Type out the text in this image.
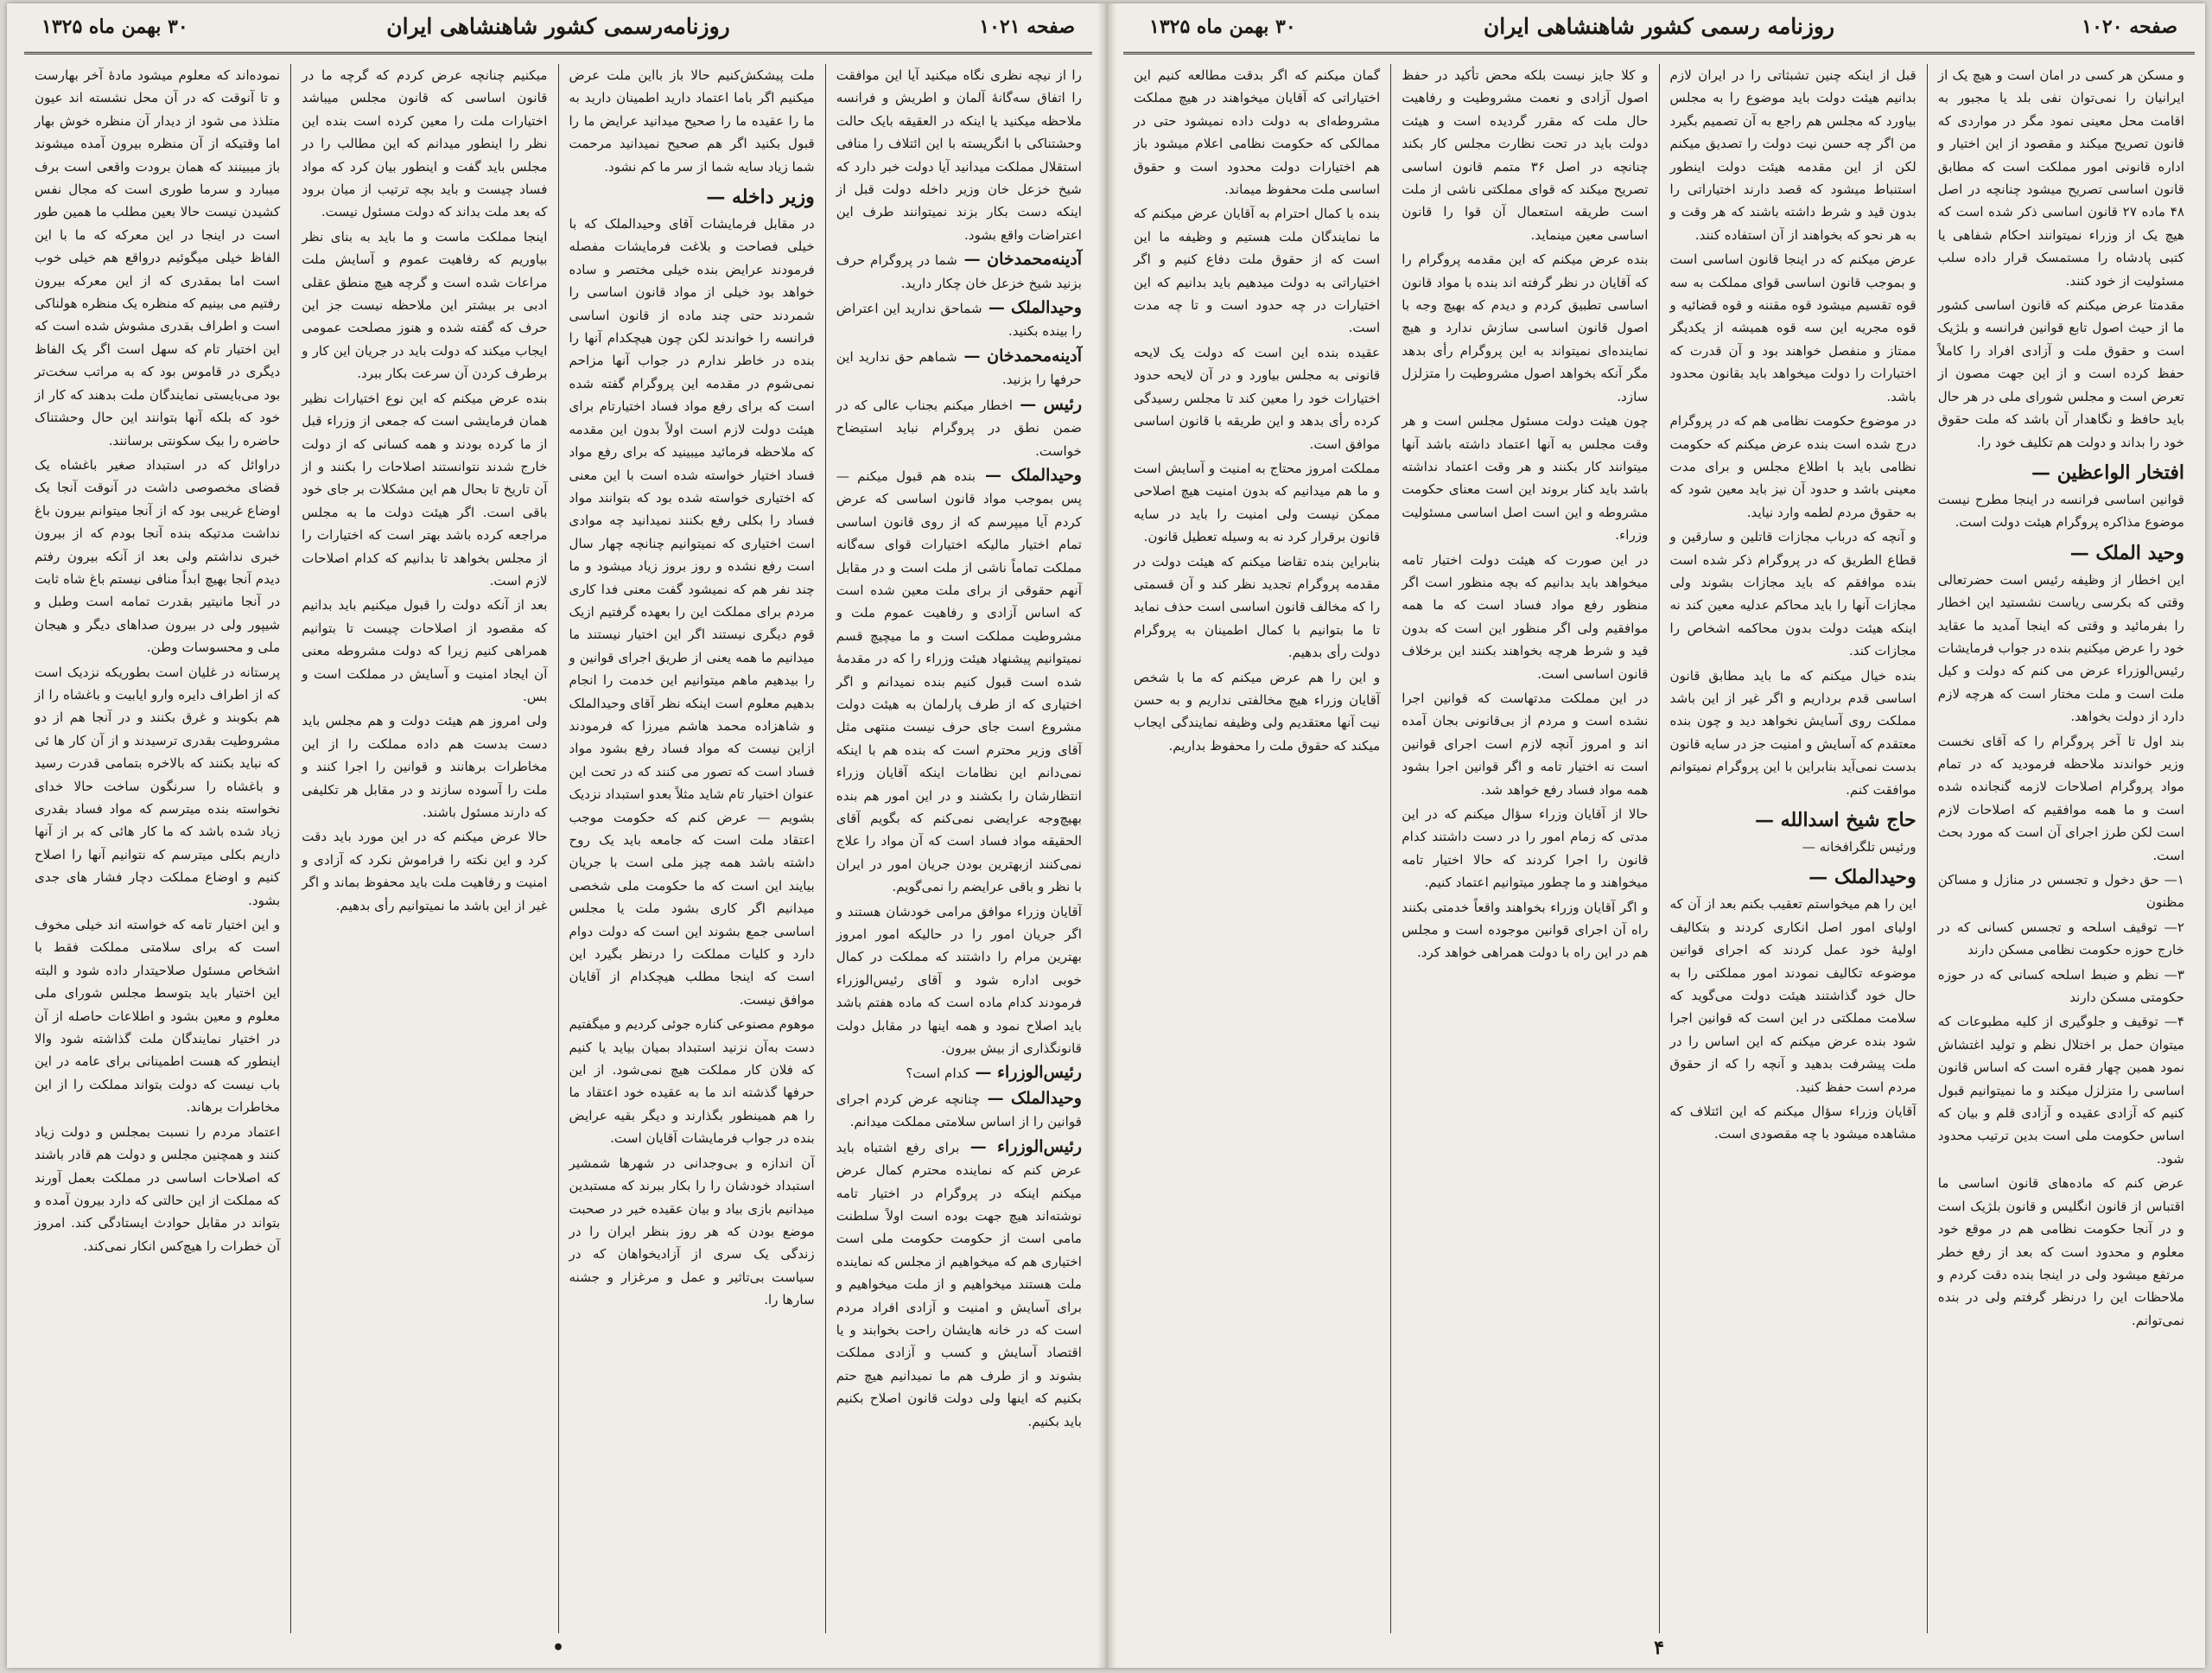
صفحه ۱۰۲۱
روزنامه‌رسمی کشور شاهنشاهی ایران
۳۰ بهمن ماه ۱۳۲۵

را از نیچه نظری نگاه میکنید آیا این موافقت را اتفاق سه‌گانهٔ آلمان و اطریش و فرانسه ملاحظه میکنید یا اینکه در العقیقه بایک حالت وحشتناکی با انگریسته با این ائتلاف را منافی استقلال مملکت میدانید آیا دولت خبر دارد که شیخ خزعل خان وزیر داخله دولت قبل از اینکه دست بکار بزند نمیتوانند طرف این اعتراضات واقع بشود.

آدینه‌محمدخان — شما در پروگرام حرف بزنید شیخ خزعل خان چکار دارید.

وحیدالملک — شماحق ندارید این اعتراض را بینده بکنید.

آدینه‌محمدخان — شماهم حق ندارید این حرفها را بزنید.

رئیس — اخطار میکنم بجناب عالی که در ضمن نطق در پروگرام نباید استیضاح خواست.

وحیدالملک — بنده هم قبول میکنم — پس بموجب مواد قانون اساسی که عرض کردم آیا میپرسم که از روی قانون اساسی تمام اختیار مالیکه اختیارات قوای سه‌گانه مملکت تماماً ناشی از ملت است و در مقابل آنهم حقوقی از برای ملت معین شده است که اساس آزادی و رفاهیت عموم ملت و مشروطیت مملکت است و ما میچیچ قسم نمیتوانیم پیشنهاد هیئت وزراء را که در مقدمهٔ شده است قبول کنیم بنده نمیدانم و اگر اختیاری که از طرف پارلمان به هیئت دولت مشروع است جای حرف نیست منتهی مثل آقای وزیر محترم است که بنده هم با اینکه نمی‌دانم این نظامات اینکه آقایان وزراء انتظارشان را بکشند و در این امور هم بنده بهیچ‌وجه عرایضی نمی‌کنم که بگویم آقای الحقیقه مواد فساد است که آن مواد را علاج نمی‌کنند ازبهترین بودن جریان امور در ایران با نظر و باقی عرایضم را نمی‌گویم.

آقایان وزراء موافق مرامی خودشان هستند و اگر جریان امور را در حالیکه امور امروز بهترین مرام را داشتند که مملکت در کمال خوبی اداره شود و آقای رئیس‌الوزراء فرمودند کدام ماده است که ماده هفتم باشد باید اصلاح نمود و همه اینها در مقابل دولت قانونگذاری از بیش بیرون.

رئیس‌الوزراء — کدام است؟

وحیدالملک — چنانچه عرض کردم اجرای قوانین را از اساس سلامتی مملکت میدانم.

رئیس‌الوزراء — برای رفع اشتباه باید عرض کنم که نماینده محترم کمال عرض میکنم اینکه در پروگرام در اختیار تامه نوشته‌اند هیچ جهت بوده است اولاً سلطنت مامی است از حکومت حکومت ملی است اختیاری هم که میخواهیم از مجلس که نماینده ملت هستند میخواهیم و از ملت میخواهیم و برای آسایش و امنیت و آزادی افراد مردم است که در خانه هایشان راحت بخوابند و یا اقتصاد آسایش و کسب و آزادی مملکت بشوند و از طرف هم ما نمیدانیم هیچ حتم بکنیم که اینها ولی دولت قانون اصلاح بکنیم باید بکنیم.

ملت پیشکش‌کنیم حالا باز بااین ملت عرض میکنیم اگر باما اعتماد دارید اطمینان دارید به ما را عقیده ما را صحیح میدانید عرایض ما را قبول بکنید اگر هم صحیح نمیدانید مرحمت شما زیاد سایه شما از سر ما کم نشود.

وزیر داخله —

در مقابل فرمایشات آقای وحیدالملک که با خیلی فصاحت و بلاغت فرمایشات مفصله فرمودند عرایض بنده خیلی مختصر و ساده خواهد بود خیلی از مواد قانون اساسی را شمردند حتی چند ماده از قانون اساسی فرانسه را خواندند لکن چون هیچکدام آنها را بنده در خاطر ندارم در جواب آنها مزاحم نمی‌شوم در مقدمه این پروگرام گفته شده است که برای رفع مواد فساد اختیارتام برای هیئت دولت لازم است اولاً بدون این مقدمه که ملاحظه فرمائید میبینید که برای رفع مواد فساد اختیار خواسته شده است با این معنی که اختیاری خواسته شده بود که بتوانند مواد فساد را بکلی رفع بکنند نمیدانید چه موادی است اختیاری که نمیتوانیم چنانچه چهار سال است رفع نشده و روز بروز زیاد میشود و ما چند نفر هم که نمیشود گفت معنی فدا کاری مردم برای مملکت این را بعهده گرفتیم ازیک قوم دیگری نیستند اگر این اختیار نیستند ما میدانیم ما همه یعنی از طریق اجرای قوانین و را بیدهیم ماهم میتوانیم این خدمت را انجام بدهیم معلوم است اینکه نظر آقای وحیدالملک و شاهزاده محمد هاشم میرزا که فرمودند ازاین نیست که مواد فساد رفع بشود مواد فساد است که تصور می کنند که در تحت این عنوان اختیار تام شاید مثلاً بعدو استبداد نزدیک بشویم — عرض کنم که حکومت موجب اعتقاد ملت است که جامعه باید یک روح داشته باشد همه چیز ملی است با جریان بیایند این است که ما حکومت ملی شخصی میدانیم اگر کاری بشود ملت یا مجلس اساسی جمع بشوند این است که دولت دوام دارد و کلیات مملکت را درنظر بگیرد این است که اینجا مطلب هیچکدام از آقایان موافق نیست.

موهوم مصنوعی کناره جوئی کردیم و میگفتیم دست به‌آن نزنید استبداد بمیان بیاید یا کنیم که فلان کار مملکت هیچ نمی‌شود. از این حرفها گذشته اند ما به عقیده خود اعتقاد ما را هم همینطور بگذارند و دیگر بقیه عرایض بنده در جواب فرمایشات آقایان است.

آن اندازه و بی‌وجدانی در شهرها شمشیر استبداد خودشان را را بکار ببرند که مستبدین میدانیم بازی بیاد و بیان عقیده خیر در صحبت موضع بودن که هر روز بنظر ایران را در زندگی یک سری از آزادیخواهان که در سیاست بی‌تاثیر و عمل و مرغزار و جشنه سارها را.

میکنیم چنانچه عرض کردم که گرچه ما در قانون اساسی که قانون مجلس میباشد اختیارات ملت را معین کرده است بنده این نظر را اینطور میدانم که این مطالب را در مجلس باید گفت و اینطور بیان کرد که مواد فساد چیست و باید بچه ترتیب از میان برود که بعد ملت بداند که دولت مسئول نیست.

اینجا مملکت ماست و ما باید به بنای نظر بیاوریم که رفاهیت عموم و آسایش ملت مراعات شده است و گرچه هیچ منطق عقلی ادبی بر بیشتر این ملاحظه نیست جز این حرف که گفته شده و هنوز مصلحت عمومی ایجاب میکند که دولت باید در جریان این کار و برطرف کردن آن سرعت بکار ببرد.

بنده عرض میکنم که این نوع اختیارات نظیر همان فرمایشی است که جمعی از وزراء قبل از ما کرده بودند و همه کسانی که از دولت خارج شدند نتوانستند اصلاحات را بکنند و از آن تاریخ تا بحال هم این مشکلات بر جای خود باقی است. اگر هیئت دولت ما به مجلس مراجعه کرده باشد بهتر است که اختیارات را از مجلس بخواهد تا بدانیم که کدام اصلاحات لازم است.

بعد از آنکه دولت را قبول میکنیم باید بدانیم که مقصود از اصلاحات چیست تا بتوانیم همراهی کنیم زیرا که دولت مشروطه معنی آن ایجاد امنیت و آسایش در مملکت است و بس.

ولی امروز هم هیئت دولت و هم مجلس باید دست بدست هم داده مملکت را از این مخاطرات برهانند و قوانین را اجرا کنند و ملت را آسوده سازند و در مقابل هر تکلیفی که دارند مسئول باشند.

حالا عرض میکنم که در این مورد باید دقت کرد و این نکته را فراموش نکرد که آزادی و امنیت و رفاهیت ملت باید محفوظ بماند و اگر غیر از این باشد ما نمیتوانیم رأی بدهیم.

نموده‌اند که معلوم میشود مادهٔ آخر بهارست و تا آنوقت که در آن محل نشسته اند عیون متلذذ می شود از دیدار آن منظره خوش بهار اما وقتیکه از آن منظره بیرون آمده میشوند باز میبینند که همان برودت واقعی است برف میبارد و سرما طوری است که مجال نفس کشیدن نیست حالا بعین مطلب ما همین طور است در اینجا در این معرکه که ما با این الفاظ خیلی میگوئیم درواقع هم خیلی خوب است اما بمقدری که از این معرکه بیرون رفتیم می بینیم که منظره یک منظره هولناکی است و اطراف بقدری مشوش شده است که این اختیار تام که سهل است اگر یک الفاظ دیگری در قاموس بود که به مراتب سخت‌تر بود می‌بایستی نمایندگان ملت بدهند که کار از خود که بلکه آنها بتوانند این حال وحشتناک حاضره را بیک سکونتی برسانند.

دراوائل که در استبداد صغیر باغشاه یک قضای مخصوصی داشت در آنوقت آنجا یک اوضاع غریبی بود که از آنجا میتوانم بیرون باغ نداشت مدتیکه بنده آنجا بودم که از بیرون خبری نداشتم ولی بعد از آنکه بیرون رفتم دیدم آنجا بهیچ ابداً منافی نیستم باغ شاه ثابت در آنجا مانیتیر بقدرت تمامه است وطبل و شیپور ولی در بیرون صداهای دیگر و هیجان ملی و محسوسات وطن.

پرستانه در غلیان است بطوریکه نزدیک است که از اطراف دایره وارو ایابیت و باغشاه را از هم بکوبند و غرق بکنند و در آنجا هم از دو مشروطیت بقدری ترسیدند و از آن کار ها ئی که نباید بکنند که بالاخره بتمامی قدرت رسید و باغشاه را سرنگون ساخت حالا خدای نخواسته بنده میترسم که مواد فساد بقدری زیاد شده باشد که ما کار هائی که بر از آنها داریم بکلی میترسم که نتوانیم آنها را اصلاح کنیم و اوضاع مملکت دچار فشار های جدی بشود.

و این اختیار تامه که خواسته اند خیلی مخوف است که برای سلامتی مملکت فقط با اشخاص مسئول صلاحیتدار داده شود و البته این اختیار باید بتوسط مجلس شورای ملی معلوم و معین بشود و اطلاعات حاصله از آن در اختیار نمایندگان ملت گذاشته شود والا اینطور که هست اطمینانی برای عامه در این باب نیست که دولت بتواند مملکت را از این مخاطرات برهاند.

اعتماد مردم را نسبت بمجلس و دولت زیاد کنند و همچنین مجلس و دولت هم قادر باشند که اصلاحات اساسی در مملکت بعمل آورند که مملکت از این حالتی که دارد بیرون آمده و بتواند در مقابل حوادث ایستادگی کند. امروز آن خطرات را هیچ‌کس انکار نمی‌کند.

•
صفحه ۱۰۲۰
روزنامه رسمی کشور شاهنشاهی ایران
۳۰ بهمن ماه ۱۳۲۵

و مسکن هر کسی در امان است و هیچ یک از ایرانیان را نمی‌توان نفی بلد یا مجبور به اقامت محل معینی نمود مگر در مواردی که قانون تصریح میکند و مقصود از این اختیار و اداره قانونی امور مملکت است که مطابق قانون اساسی تصریح میشود چنانچه در اصل ۴۸ ماده ۲۷ قانون اساسی ذکر شده است که هیچ یک از وزراء نمیتوانند احکام شفاهی یا کتبی پادشاه را مستمسک قرار داده سلب مسئولیت از خود کنند.

مقدمتا عرض میکنم که قانون اساسی کشور ما از حیث اصول تابع قوانین فرانسه و بلژیک است و حقوق ملت و آزادی افراد را کاملاً حفظ کرده است و از این جهت مصون از تعرض است و مجلس شورای ملی در هر حال باید حافظ و نگاهدار آن باشد که ملت حقوق خود را بداند و دولت هم تکلیف خود را.

افتخار الواعظین —

قوانین اساسی فرانسه در اینجا مطرح نیست موضوع مذاکره پروگرام هیئت دولت است.

وحید الملک —

این اخطار از وظیفه رئیس است حضرتعالی وقتی که بکرسی ریاست نشستید این اخطار را بفرمائید و وقتی که اینجا آمدید ما عقاید خود را عرض میکنیم بنده در جواب فرمایشات رئیس‌الوزراء عرض می کنم که دولت و کیل ملت است و ملت مختار است که هرچه لازم دارد از دولت بخواهد.

بند اول تا آخر پروگرام را که آقای نخست وزیر خواندند ملاحظه فرمودید که در تمام مواد پروگرام اصلاحات لازمه گنجانده شده است و ما همه موافقیم که اصلاحات لازم است لکن طرز اجرای آن است که مورد بحث است.

۱— حق دخول و تجسس در منازل و مساکن مظنون

۲— توقیف اسلحه و تجسس کسانی که در خارج حوزه حکومت نظامی مسکن دارند

۳— نظم و ضبط اسلحه کسانی که در حوزه حکومتی مسکن دارند

۴— توقیف و جلوگیری از کلیه مطبوعات که میتوان حمل بر اختلال نظم و تولید اغتشاش نمود همین چهار فقره است که اساس قانون اساسی را متزلزل میکند و ما نمیتوانیم قبول کنیم که آزادی عقیده و آزادی قلم و بیان که اساس حکومت ملی است بدین ترتیب محدود شود.

عرض کنم که ماده‌های قانون اساسی ما اقتباس از قانون انگلیس و قانون بلژیک است و در آنجا حکومت نظامی هم در موقع خود معلوم و محدود است که بعد از رفع خطر مرتفع میشود ولی در اینجا بنده دقت کردم و ملاحظات این را درنظر گرفتم ولی در بنده نمی‌توانم.

قبل از اینکه چنین تشبثاتی را در ایران لازم بدانیم هیئت دولت باید موضوع را به مجلس بیاورد که مجلس هم راجع به آن تصمیم بگیرد من اگر چه حسن نیت دولت را تصدیق میکنم لکن از این مقدمه هیئت دولت اینطور استنباط میشود که قصد دارند اختیاراتی را بدون قید و شرط داشته باشند که هر وقت و به هر نحو که بخواهند از آن استفاده کنند.

عرض میکنم که در اینجا قانون اساسی است و بموجب قانون اساسی قوای مملکت به سه قوه تقسیم میشود قوه مقننه و قوه قضائیه و قوه مجریه این سه قوه همیشه از یکدیگر ممتاز و منفصل خواهند بود و آن قدرت که اختیارات را دولت میخواهد باید بقانون محدود باشد.

در موضوع حکومت نظامی هم که در پروگرام درج شده است بنده عرض میکنم که حکومت نظامی باید با اطلاع مجلس و برای مدت معینی باشد و حدود آن نیز باید معین شود که به حقوق مردم لطمه وارد نیاید.

و آنچه که درباب مجازات قاتلین و سارقین و قطاع الطریق که در پروگرام ذکر شده است بنده موافقم که باید مجازات بشوند ولی مجازات آنها را باید محاکم عدلیه معین کند نه اینکه هیئت دولت بدون محاکمه اشخاص را مجازات کند.

بنده خیال میکنم که ما باید مطابق قانون اساسی قدم برداریم و اگر غیر از این باشد مملکت روی آسایش نخواهد دید و چون بنده معتقدم که آسایش و امنیت جز در سایه قانون بدست نمی‌آید بنابراین با این پروگرام نمیتوانم موافقت کنم.

حاج شیخ اسدالله —

ورئیس تلگرافخانه —

وحیدالملک —

این را هم میخواستم تعقیب بکنم بعد از آن که اولیای امور اصل انکاری کردند و بتکالیف اولیهٔ خود عمل کردند که اجرای قوانین موضوعه تکالیف نمودند امور مملکتی را به حال خود گذاشتند هیئت دولت می‌گوید که سلامت مملکتی در این است که قوانین اجرا شود بنده عرض میکنم که این اساس را در ملت پیشرفت بدهید و آنچه را که از حقوق مردم است حفظ کنید.

آقایان وزراء سؤال میکنم که این ائتلاف که مشاهده میشود با چه مقصودی است.

و کلا جایز نیست بلکه محض تأکید در حفظ اصول آزادی و نعمت مشروطیت و رفاهیت حال ملت که مقرر گردیده است و هیئت دولت باید در تحت نظارت مجلس کار بکند چنانچه در اصل ۳۶ متمم قانون اساسی تصریح میکند که قوای مملکتی ناشی از ملت است طریقه استعمال آن قوا را قانون اساسی معین مینماید.

بنده عرض میکنم که این مقدمه پروگرام را که آقایان در نظر گرفته اند بنده با مواد قانون اساسی تطبیق کردم و دیدم که بهیچ وجه با اصول قانون اساسی سازش ندارد و هیچ نماینده‌ای نمیتواند به این پروگرام رأی بدهد مگر آنکه بخواهد اصول مشروطیت را متزلزل سازد.

چون هیئت دولت مسئول مجلس است و هر وقت مجلس به آنها اعتماد داشته باشد آنها میتوانند کار بکنند و هر وقت اعتماد نداشته باشد باید کنار بروند این است معنای حکومت مشروطه و این است اصل اساسی مسئولیت وزراء.

در این صورت که هیئت دولت اختیار تامه میخواهد باید بدانیم که بچه منظور است اگر منظور رفع مواد فساد است که ما همه موافقیم ولی اگر منظور این است که بدون قید و شرط هرچه بخواهند بکنند این برخلاف قانون اساسی است.

در این مملکت مدتهاست که قوانین اجرا نشده است و مردم از بی‌قانونی بجان آمده اند و امروز آنچه لازم است اجرای قوانین است نه اختیار تامه و اگر قوانین اجرا بشود همه مواد فساد رفع خواهد شد.

حالا از آقایان وزراء سؤال میکنم که در این مدتی که زمام امور را در دست داشتند کدام قانون را اجرا کردند که حالا اختیار تامه میخواهند و ما چطور میتوانیم اعتماد کنیم.

و اگر آقایان وزراء بخواهند واقعاً خدمتی بکنند راه آن اجرای قوانین موجوده است و مجلس هم در این راه با دولت همراهی خواهد کرد.

گمان میکنم که اگر بدقت مطالعه کنیم این اختیاراتی که آقایان میخواهند در هیچ مملکت مشروطه‌ای به دولت داده نمیشود حتی در ممالکی که حکومت نظامی اعلام میشود باز هم اختیارات دولت محدود است و حقوق اساسی ملت محفوظ میماند.

بنده با کمال احترام به آقایان عرض میکنم که ما نمایندگان ملت هستیم و وظیفه ما این است که از حقوق ملت دفاع کنیم و اگر اختیاراتی به دولت میدهیم باید بدانیم که این اختیارات در چه حدود است و تا چه مدت است.

عقیده بنده این است که دولت یک لایحه قانونی به مجلس بیاورد و در آن لایحه حدود اختیارات خود را معین کند تا مجلس رسیدگی کرده رأی بدهد و این طریقه با قانون اساسی موافق است.

مملکت امروز محتاج به امنیت و آسایش است و ما هم میدانیم که بدون امنیت هیچ اصلاحی ممکن نیست ولی امنیت را باید در سایه قانون برقرار کرد نه به وسیله تعطیل قانون.

بنابراین بنده تقاضا میکنم که هیئت دولت در مقدمه پروگرام تجدید نظر کند و آن قسمتی را که مخالف قانون اساسی است حذف نماید تا ما بتوانیم با کمال اطمینان به پروگرام دولت رأی بدهیم.

و این را هم عرض میکنم که ما با شخص آقایان وزراء هیچ مخالفتی نداریم و به حسن نیت آنها معتقدیم ولی وظیفه نمایندگی ایجاب میکند که حقوق ملت را محفوظ بداریم.

۴
